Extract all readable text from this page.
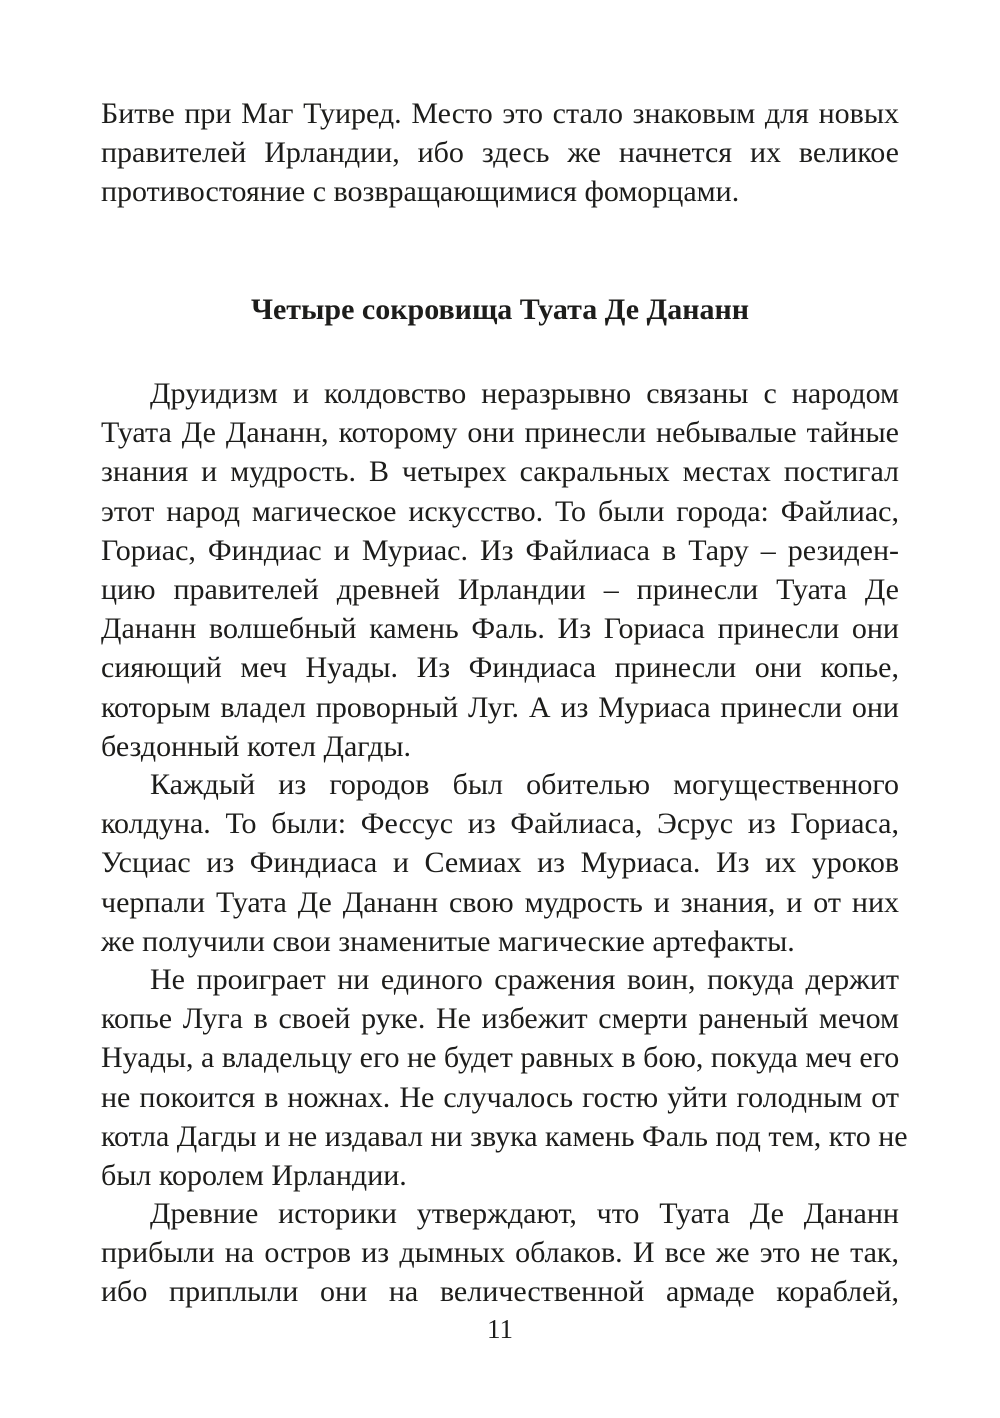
Битве при Маг Туиред. Место это стало знаковым для новых
правителей Ирландии, ибо здесь же начнется их великое
противостояние с возвращающимися фоморцами.
Четыре сокровища Туата Де Дананн
Друидизм и колдовство неразрывно связаны с народом
Туата Де Дананн, которому они принесли небывалые тайные
знания и мудрость. В четырех сакральных местах постигал
этот народ магическое искусство. То были города: Файлиас,
Гориас, Финдиас и Муриас. Из Файлиаса в Тару – резиден-
цию правителей древней Ирландии – принесли Туата Де
Дананн волшебный камень Фаль. Из Гориаса принесли они
сияющий меч Нуады. Из Финдиаса принесли они копье,
которым владел проворный Луг. А из Муриаса принесли они
бездонный котел Дагды.
Каждый из городов был обителью могущественного
колдуна. То были: Фессус из Файлиаса, Эсрус из Гориаса,
Усциас из Финдиаса и Семиах из Муриаса. Из их уроков
черпали Туата Де Дананн свою мудрость и знания, и от них
же получили свои знаменитые магические артефакты.
Не проиграет ни единого сражения воин, покуда держит
копье Луга в своей руке. Не избежит смерти раненый мечом
Нуады, а владельцу его не будет равных в бою, покуда меч его
не покоится в ножнах. Не случалось гостю уйти голодным от
котла Дагды и не издавал ни звука камень Фаль под тем, кто не
был королем Ирландии.
Древние историки утверждают, что Туата Де Дананн
прибыли на остров из дымных облаков. И все же это не так,
ибо приплыли они на величественной армаде кораблей,
11
